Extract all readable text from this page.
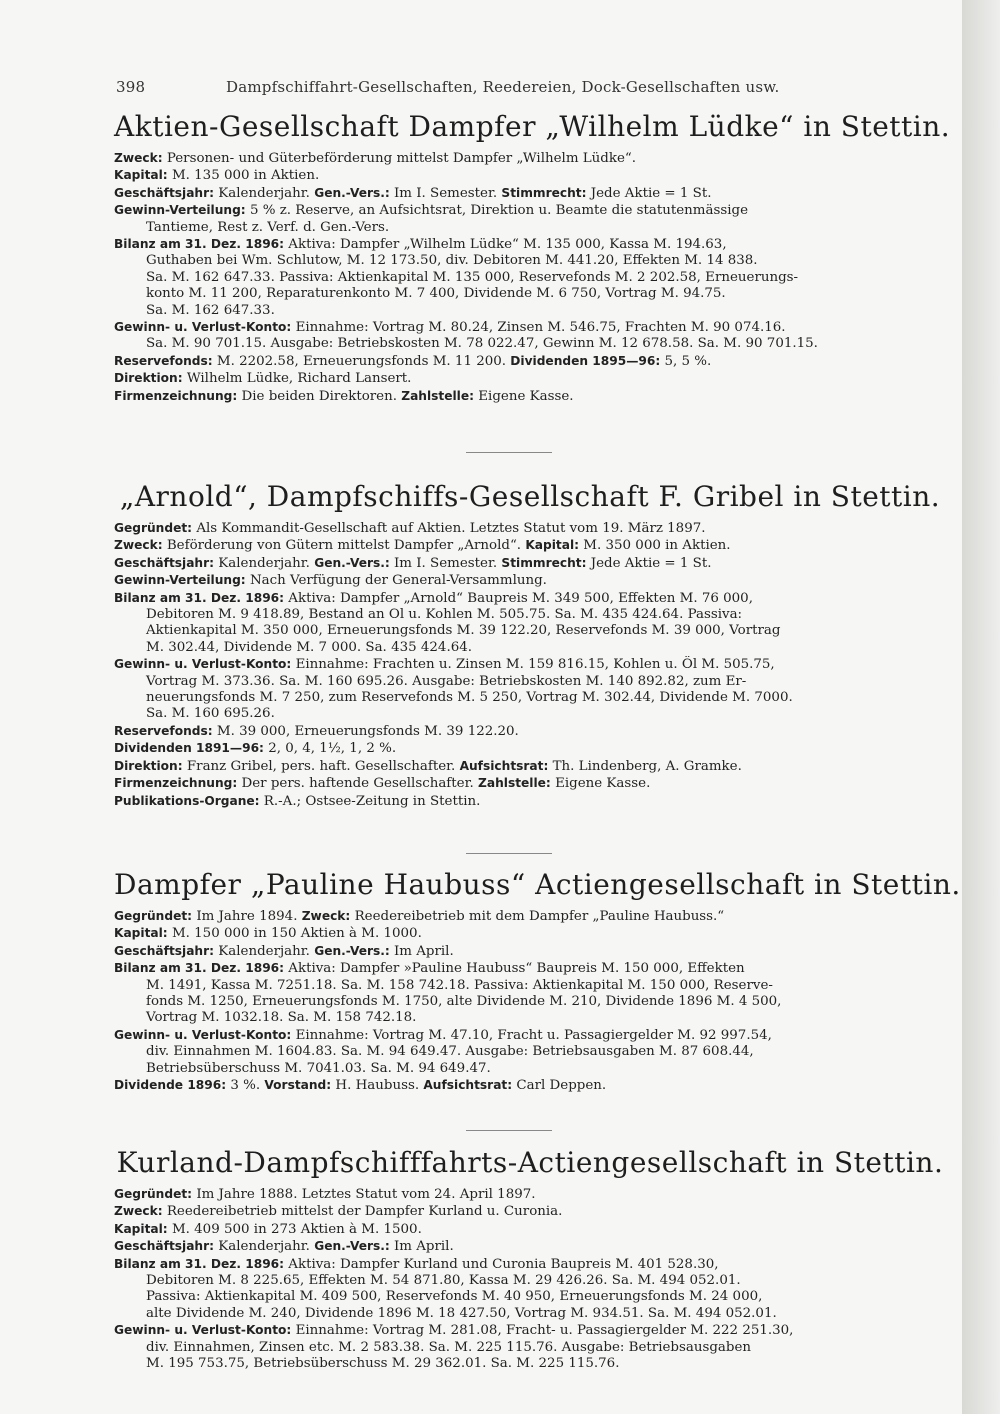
398	Dampfschiffahrt-Gesellschaften, Reedereien, Dock-Gesellschaften usw.
Aktien-Gesellschaft Dampfer „Wilhelm Lüdke“ in Stettin.
Zweck: Personen- und Güterbeförderung mittelst Dampfer „Wilhelm Lüdke“.
Kapital: M. 135 000 in Aktien.
Geschäftsjahr: Kalenderjahr. Gen.-Vers.: Im I. Semester. Stimmrecht: Jede Aktie = 1 St.
Gewinn-Verteilung: 5 % z. Reserve, an Aufsichtsrat, Direktion u. Beamte die statutenmässige
Tantieme, Rest z. Verf. d. Gen.-Vers.
Bilanz am 31. Dez. 1896: Aktiva: Dampfer „Wilhelm Lüdke“ M. 135 000, Kassa M. 194.63,
Guthaben bei Wm. Schlutow, M. 12 173.50, div. Debitoren M. 441.20, Effekten M. 14 838.
Sa. M. 162 647.33. Passiva: Aktienkapital M. 135 000, Reservefonds M. 2 202.58, Erneuerungs-
konto M. 11 200, Reparaturenkonto M. 7 400, Dividende M. 6 750, Vortrag M. 94.75.
Sa. M. 162 647.33.
Gewinn- u. Verlust-Konto: Einnahme: Vortrag M. 80.24, Zinsen M. 546.75, Frachten M. 90 074.16.
Sa. M. 90 701.15. Ausgabe: Betriebskosten M. 78 022.47, Gewinn M. 12 678.58. Sa. M. 90 701.15.
Reservefonds: M. 2202.58, Erneuerungsfonds M. 11 200. Dividenden 1895—96: 5, 5 %.
Direktion: Wilhelm Lüdke, Richard Lansert.
Firmenzeichnung: Die beiden Direktoren. Zahlstelle: Eigene Kasse.
„Arnold“, Dampfschiffs-Gesellschaft F. Gribel in Stettin.
Gegründet: Als Kommandit-Gesellschaft auf Aktien. Letztes Statut vom 19. März 1897.
Zweck: Beförderung von Gütern mittelst Dampfer „Arnold“. Kapital: M. 350 000 in Aktien.
Geschäftsjahr: Kalenderjahr. Gen.-Vers.: Im I. Semester. Stimmrecht: Jede Aktie = 1 St.
Gewinn-Verteilung: Nach Verfügung der General-Versammlung.
Bilanz am 31. Dez. 1896: Aktiva: Dampfer „Arnold“ Baupreis M. 349 500, Effekten M. 76 000,
Debitoren M. 9 418.89, Bestand an Öl u. Kohlen M. 505.75. Sa. M. 435 424.64. Passiva:
Aktienkapital M. 350 000, Erneuerungsfonds M. 39 122.20, Reservefonds M. 39 000, Vortrag
M. 302.44, Dividende M. 7 000. Sa. 435 424.64.
Gewinn- u. Verlust-Konto: Einnahme: Frachten u. Zinsen M. 159 816.15, Kohlen u. Öl M. 505.75,
Vortrag M. 373.36. Sa. M. 160 695.26. Ausgabe: Betriebskosten M. 140 892.82, zum Er-
neuerungsfonds M. 7 250, zum Reservefonds M. 5 250, Vortrag M. 302.44, Dividende M. 7000.
Sa. M. 160 695.26.
Reservefonds: M. 39 000, Erneuerungsfonds M. 39 122.20.
Dividenden 1891—96: 2, 0, 4, 1½, 1, 2 %.
Direktion: Franz Gribel, pers. haft. Gesellschafter. Aufsichtsrat: Th. Lindenberg, A. Gramke.
Firmenzeichnung: Der pers. haftende Gesellschafter. Zahlstelle: Eigene Kasse.
Publikations-Organe: R.-A.; Ostsee-Zeitung in Stettin.
Dampfer „Pauline Haubuss“ Actiengesellschaft in Stettin.
Gegründet: Im Jahre 1894. Zweck: Reedereibetrieb mit dem Dampfer „Pauline Haubuss.“
Kapital: M. 150 000 in 150 Aktien à M. 1000.
Geschäftsjahr: Kalenderjahr. Gen.-Vers.: Im April.
Bilanz am 31. Dez. 1896: Aktiva: Dampfer »Pauline Haubuss“ Baupreis M. 150 000, Effekten
M. 1491, Kassa M. 7251.18. Sa. M. 158 742.18. Passiva: Aktienkapital M. 150 000, Reserve-
fonds M. 1250, Erneuerungsfonds M. 1750, alte Dividende M. 210, Dividende 1896 M. 4 500,
Vortrag M. 1032.18. Sa. M. 158 742.18.
Gewinn- u. Verlust-Konto: Einnahme: Vortrag M. 47.10, Fracht u. Passagiergelder M. 92 997.54,
div. Einnahmen M. 1604.83. Sa. M. 94 649.47. Ausgabe: Betriebsausgaben M. 87 608.44,
Betriebsüberschuss M. 7041.03. Sa. M. 94 649.47.
Dividende 1896: 3 %. Vorstand: H. Haubuss. Aufsichtsrat: Carl Deppen.
Kurland-Dampfschifffahrts-Actiengesellschaft in Stettin.
Gegründet: Im Jahre 1888. Letztes Statut vom 24. April 1897.
Zweck: Reedereibetrieb mittelst der Dampfer Kurland u. Curonia.
Kapital: M. 409 500 in 273 Aktien à M. 1500.
Geschäftsjahr: Kalenderjahr. Gen.-Vers.: Im April.
Bilanz am 31. Dez. 1896: Aktiva: Dampfer Kurland und Curonia Baupreis M. 401 528.30,
Debitoren M. 8 225.65, Effekten M. 54 871.80, Kassa M. 29 426.26. Sa. M. 494 052.01.
Passiva: Aktienkapital M. 409 500, Reservefonds M. 40 950, Erneuerungsfonds M. 24 000,
alte Dividende M. 240, Dividende 1896 M. 18 427.50, Vortrag M. 934.51. Sa. M. 494 052.01.
Gewinn- u. Verlust-Konto: Einnahme: Vortrag M. 281.08, Fracht- u. Passagiergelder M. 222 251.30,
div. Einnahmen, Zinsen etc. M. 2 583.38. Sa. M. 225 115.76. Ausgabe: Betriebsausgaben
M. 195 753.75, Betriebsüberschuss M. 29 362.01. Sa. M. 225 115.76.
